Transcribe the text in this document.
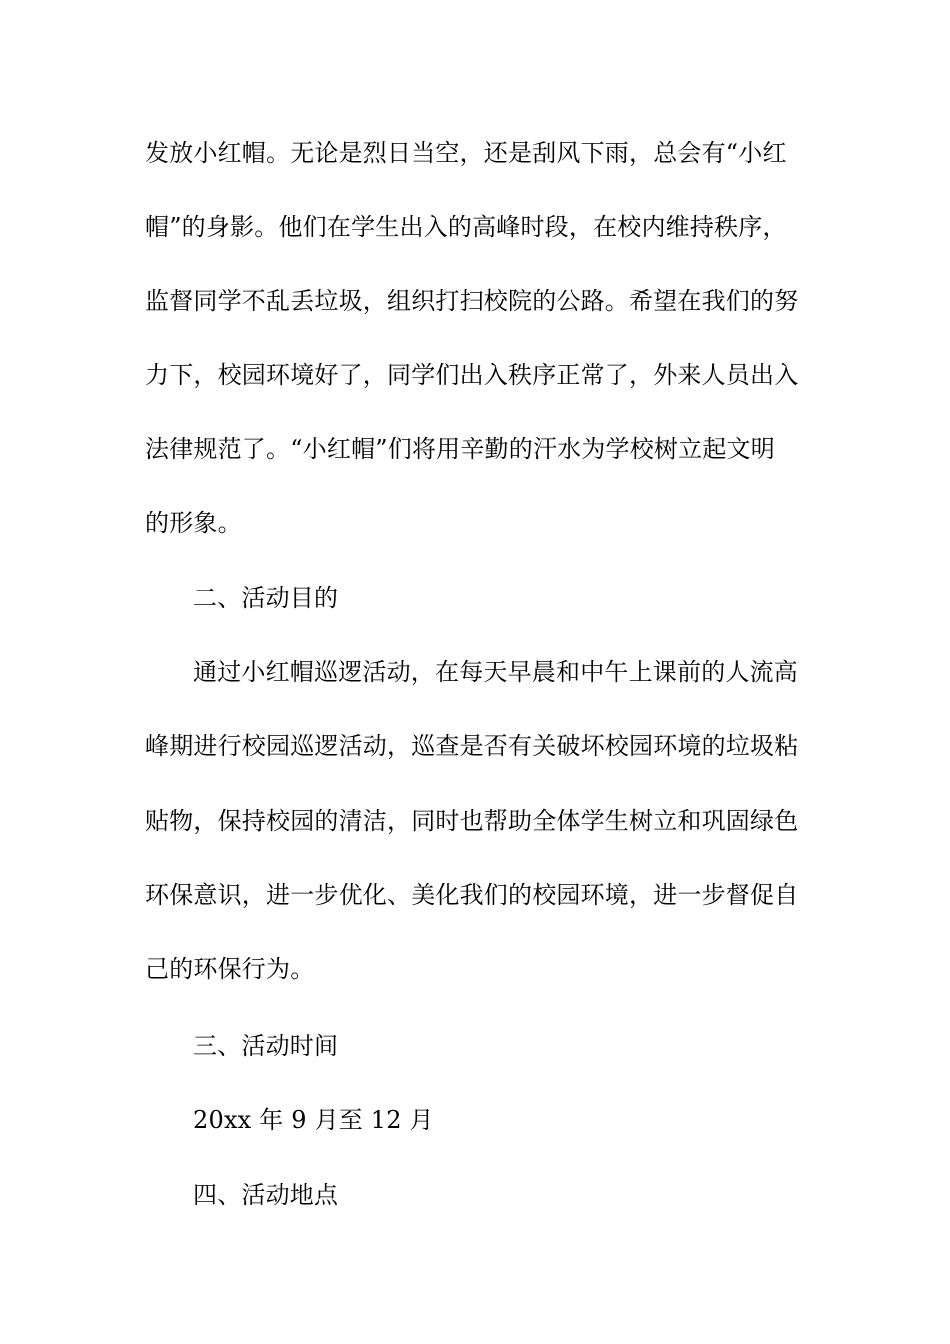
发放小红帽。无论是烈日当空，还是刮风下雨，总会有“小红
帽”的身影。他们在学生出入的高峰时段，在校内维持秩序，
监督同学不乱丢垃圾，组织打扫校院的公路。希望在我们的努
力下，校园环境好了，同学们出入秩序正常了，外来人员出入
法律规范了。“小红帽”们将用辛勤的汗水为学校树立起文明
的形象。
二、活动目的
通过小红帽巡逻活动，在每天早晨和中午上课前的人流高
峰期进行校园巡逻活动，巡查是否有关破坏校园环境的垃圾粘
贴物，保持校园的清洁，同时也帮助全体学生树立和巩固绿色
环保意识，进一步优化、美化我们的校园环境，进一步督促自
己的环保行为。
三、活动时间
20xx 年 9 月至 12 月
四、活动地点
